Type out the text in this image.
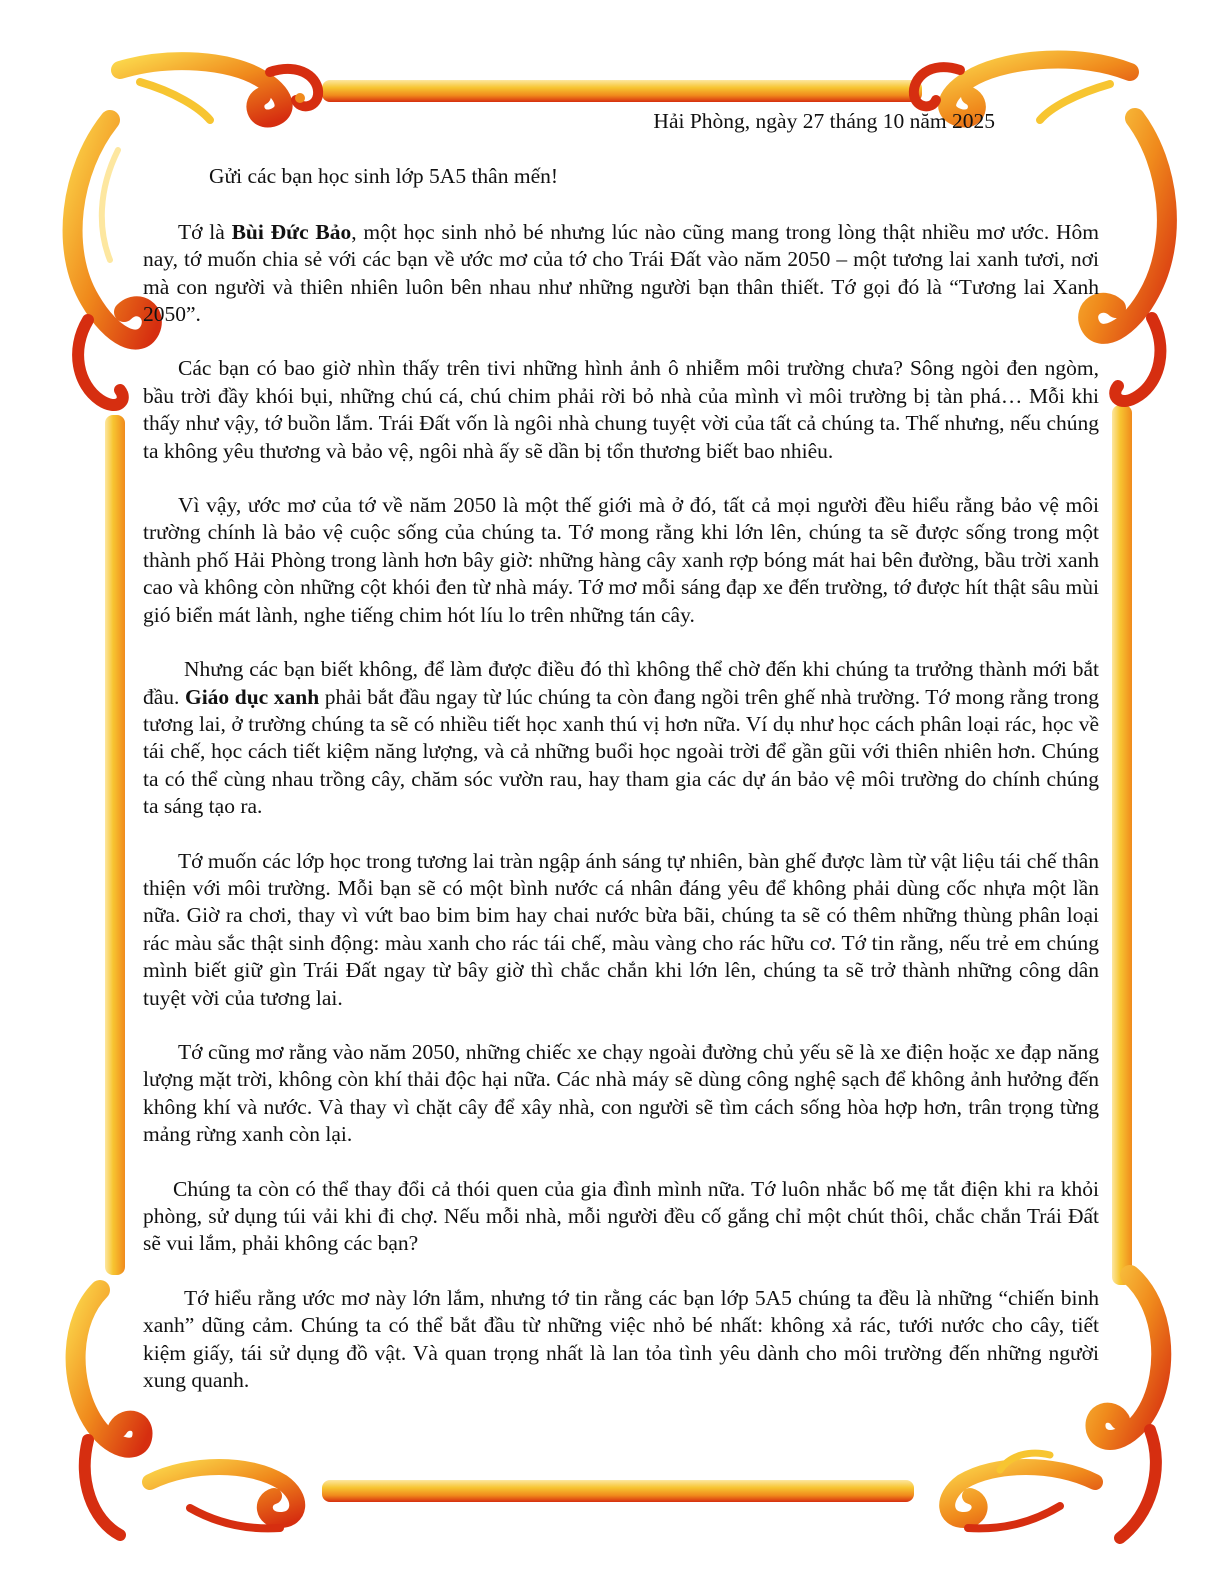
Hải Phòng, ngày 27 tháng 10 năm 2025

Gửi các bạn học sinh lớp 5A5 thân mến!

Tớ là Bùi Đức Bảo, một học sinh nhỏ bé nhưng lúc nào cũng mang trong lòng thật nhiều mơ ước. Hôm nay, tớ muốn chia sẻ với các bạn về ước mơ của tớ cho Trái Đất vào năm 2050 – một tương lai xanh tươi, nơi mà con người và thiên nhiên luôn bên nhau như những người bạn thân thiết. Tớ gọi đó là “Tương lai Xanh 2050”.

Các bạn có bao giờ nhìn thấy trên tivi những hình ảnh ô nhiễm môi trường chưa? Sông ngòi đen ngòm, bầu trời đầy khói bụi, những chú cá, chú chim phải rời bỏ nhà của mình vì môi trường bị tàn phá… Mỗi khi thấy như vậy, tớ buồn lắm. Trái Đất vốn là ngôi nhà chung tuyệt vời của tất cả chúng ta. Thế nhưng, nếu chúng ta không yêu thương và bảo vệ, ngôi nhà ấy sẽ dần bị tổn thương biết bao nhiêu.

Vì vậy, ước mơ của tớ về năm 2050 là một thế giới mà ở đó, tất cả mọi người đều hiểu rằng bảo vệ môi trường chính là bảo vệ cuộc sống của chúng ta. Tớ mong rằng khi lớn lên, chúng ta sẽ được sống trong một thành phố Hải Phòng trong lành hơn bây giờ: những hàng cây xanh rợp bóng mát hai bên đường, bầu trời xanh cao và không còn những cột khói đen từ nhà máy. Tớ mơ mỗi sáng đạp xe đến trường, tớ được hít thật sâu mùi gió biển mát lành, nghe tiếng chim hót líu lo trên những tán cây.

Nhưng các bạn biết không, để làm được điều đó thì không thể chờ đến khi chúng ta trưởng thành mới bắt đầu. Giáo dục xanh phải bắt đầu ngay từ lúc chúng ta còn đang ngồi trên ghế nhà trường. Tớ mong rằng trong tương lai, ở trường chúng ta sẽ có nhiều tiết học xanh thú vị hơn nữa. Ví dụ như học cách phân loại rác, học về tái chế, học cách tiết kiệm năng lượng, và cả những buổi học ngoài trời để gần gũi với thiên nhiên hơn. Chúng ta có thể cùng nhau trồng cây, chăm sóc vườn rau, hay tham gia các dự án bảo vệ môi trường do chính chúng ta sáng tạo ra.

Tớ muốn các lớp học trong tương lai tràn ngập ánh sáng tự nhiên, bàn ghế được làm từ vật liệu tái chế thân thiện với môi trường. Mỗi bạn sẽ có một bình nước cá nhân đáng yêu để không phải dùng cốc nhựa một lần nữa. Giờ ra chơi, thay vì vứt bao bim bim hay chai nước bừa bãi, chúng ta sẽ có thêm những thùng phân loại rác màu sắc thật sinh động: màu xanh cho rác tái chế, màu vàng cho rác hữu cơ. Tớ tin rằng, nếu trẻ em chúng mình biết giữ gìn Trái Đất ngay từ bây giờ thì chắc chắn khi lớn lên, chúng ta sẽ trở thành những công dân tuyệt vời của tương lai.

Tớ cũng mơ rằng vào năm 2050, những chiếc xe chạy ngoài đường chủ yếu sẽ là xe điện hoặc xe đạp năng lượng mặt trời, không còn khí thải độc hại nữa. Các nhà máy sẽ dùng công nghệ sạch để không ảnh hưởng đến không khí và nước. Và thay vì chặt cây để xây nhà, con người sẽ tìm cách sống hòa hợp hơn, trân trọng từng mảng rừng xanh còn lại.

Chúng ta còn có thể thay đổi cả thói quen của gia đình mình nữa. Tớ luôn nhắc bố mẹ tắt điện khi ra khỏi phòng, sử dụng túi vải khi đi chợ. Nếu mỗi nhà, mỗi người đều cố gắng chỉ một chút thôi, chắc chắn Trái Đất sẽ vui lắm, phải không các bạn?

Tớ hiểu rằng ước mơ này lớn lắm, nhưng tớ tin rằng các bạn lớp 5A5 chúng ta đều là những “chiến binh xanh” dũng cảm. Chúng ta có thể bắt đầu từ những việc nhỏ bé nhất: không xả rác, tưới nước cho cây, tiết kiệm giấy, tái sử dụng đồ vật. Và quan trọng nhất là lan tỏa tình yêu dành cho môi trường đến những người xung quanh.
